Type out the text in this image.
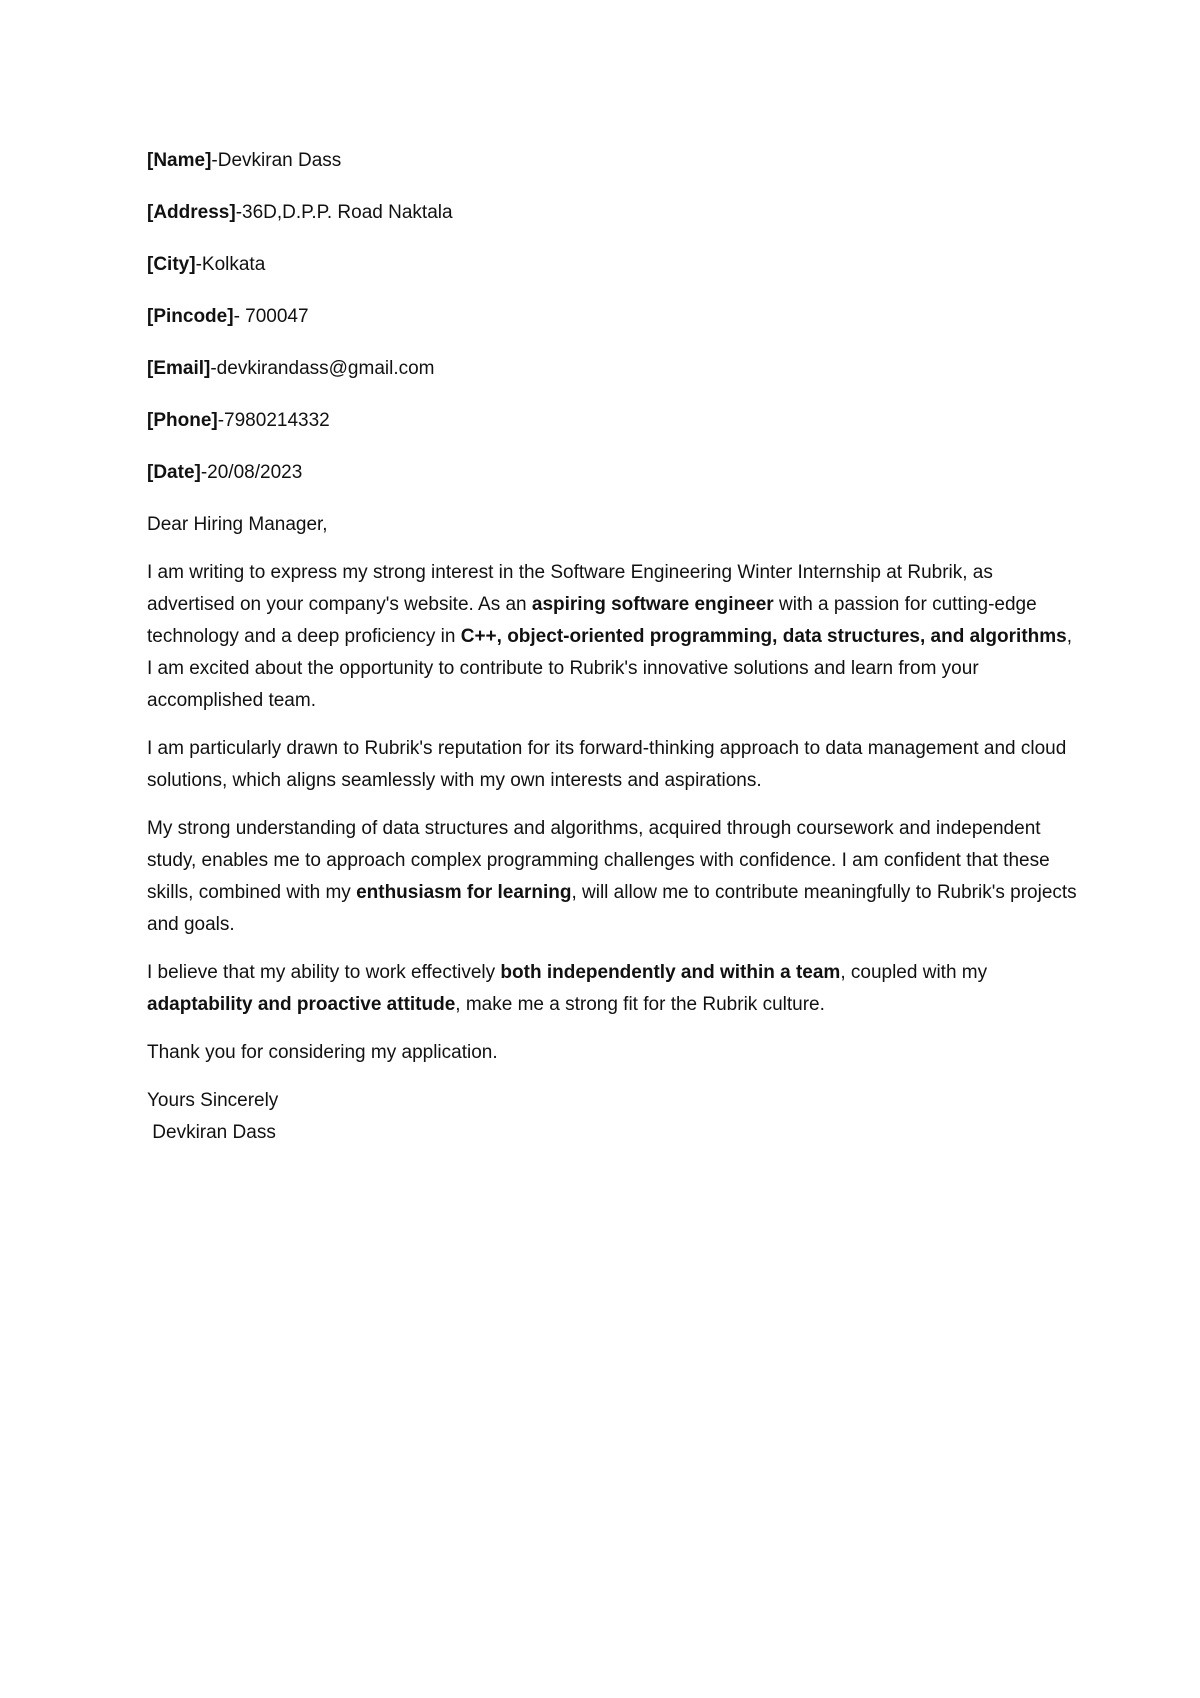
[Name]-Devkiran Dass
[Address]-36D,D.P.P. Road Naktala
[City]-Kolkata
[Pincode]- 700047
[Email]-devkirandass@gmail.com
[Phone]-7980214332
[Date]-20/08/2023

Dear Hiring Manager,

I am writing to express my strong interest in the Software Engineering Winter Internship at Rubrik, as advertised on your company's website. As an aspiring software engineer with a passion for cutting-edge technology and a deep proficiency in C++, object-oriented programming, data structures, and algorithms, I am excited about the opportunity to contribute to Rubrik's innovative solutions and learn from your accomplished team.

I am particularly drawn to Rubrik's reputation for its forward-thinking approach to data management and cloud solutions, which aligns seamlessly with my own interests and aspirations.

My strong understanding of data structures and algorithms, acquired through coursework and independent study, enables me to approach complex programming challenges with confidence. I am confident that these skills, combined with my enthusiasm for learning, will allow me to contribute meaningfully to Rubrik's projects and goals.

I believe that my ability to work effectively both independently and within a team, coupled with my adaptability and proactive attitude, make me a strong fit for the Rubrik culture.

Thank you for considering my application.

Yours Sincerely

Devkiran Dass
